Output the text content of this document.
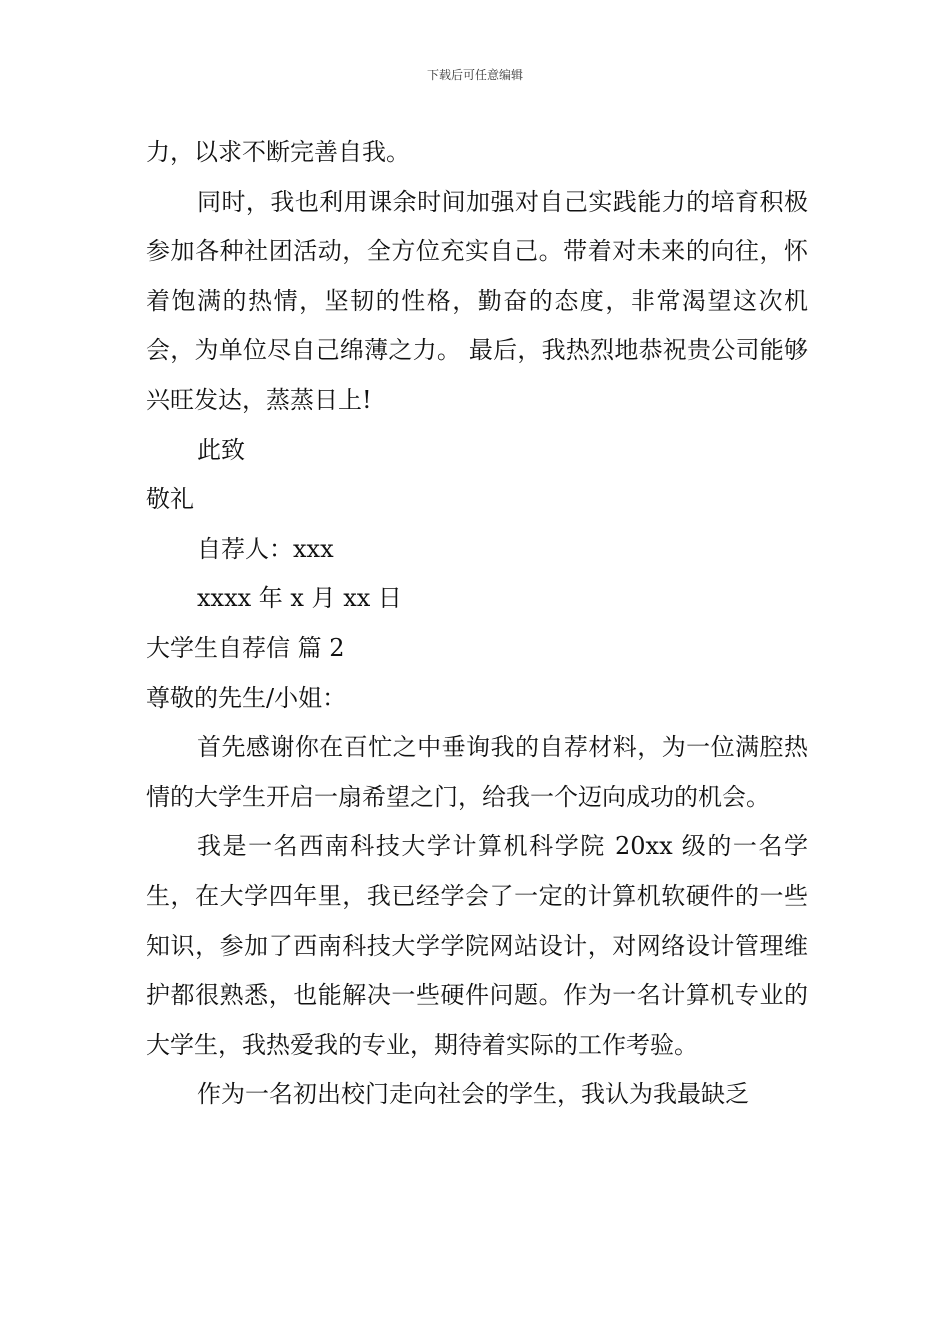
下载后可任意编辑

力，以求不断完善自我。

同时，我也利用课余时间加强对自己实践能力的培育积极参加各种社团活动，全方位充实自己。带着对未来的向往，怀着饱满的热情，坚韧的性格，勤奋的态度，非常渴望这次机会，为单位尽自己绵薄之力。 最后，我热烈地恭祝贵公司能够兴旺发达，蒸蒸日上!

此致

敬礼

自荐人：xxx

xxxx 年 x 月 xx 日

大学生自荐信 篇 2

尊敬的先生/小姐：

首先感谢你在百忙之中垂询我的自荐材料，为一位满腔热情的大学生开启一扇希望之门，给我一个迈向成功的机会。

我是一名西南科技大学计算机科学院 20xx 级的一名学生，在大学四年里，我已经学会了一定的计算机软硬件的一些知识，参加了西南科技大学学院网站设计，对网络设计管理维护都很熟悉，也能解决一些硬件问题。作为一名计算机专业的大学生，我热爱我的专业，期待着实际的工作考验。

作为一名初出校门走向社会的学生，我认为我最缺乏
